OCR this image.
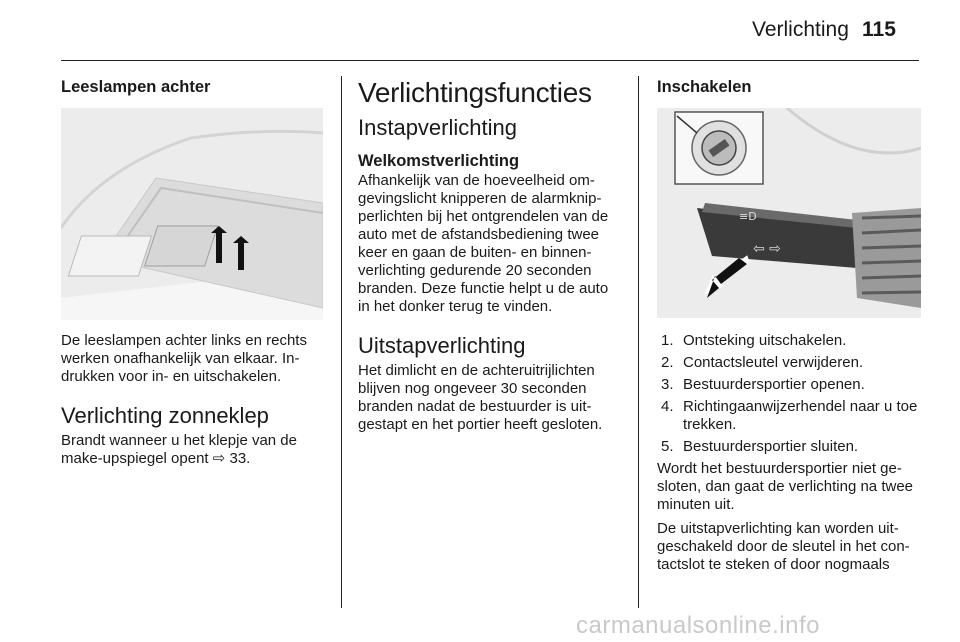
Verlichting 115
Leeslampen achter

De leeslampen achter links en rechts werken onafhankelijk van elkaar. In- drukken voor in- en uitschakelen.

Verlichting zonneklep

Brandt wanneer u het klepje van de make-upspiegel opent ⇨ 33.

Verlichtingsfuncties
Instapverlichting
Welkomstverlichting

Afhankelijk van de hoeveelheid om- gevingslicht knipperen de alarmknip- perlichten bij het ontgrendelen van de auto met de afstandsbediening twee keer en gaan de buiten- en binnen- verlichting gedurende 20 seconden branden. Deze functie helpt u de auto in het donker terug te vinden.

Uitstapverlichting

Het dimlicht en de achteruitrijlichten blijven nog ongeveer 30 seconden branden nadat de bestuurder is uit- gestapt en het portier heeft gesloten.

Inschakelen
≡D
⇦ ⇨
1. Ontsteking uitschakelen.
2. Contactsleutel verwijderen.
3. Bestuurdersportier openen.
4. Richtingaanwijzerhendel naar u toe trekken.
5. Bestuurdersportier sluiten.

Wordt het bestuurdersportier niet ge- sloten, dan gaat de verlichting na twee minuten uit.

De uitstapverlichting kan worden uit- geschakeld door de sleutel in het con- tactslot te steken of door nogmaals

carmanualsonline.info
